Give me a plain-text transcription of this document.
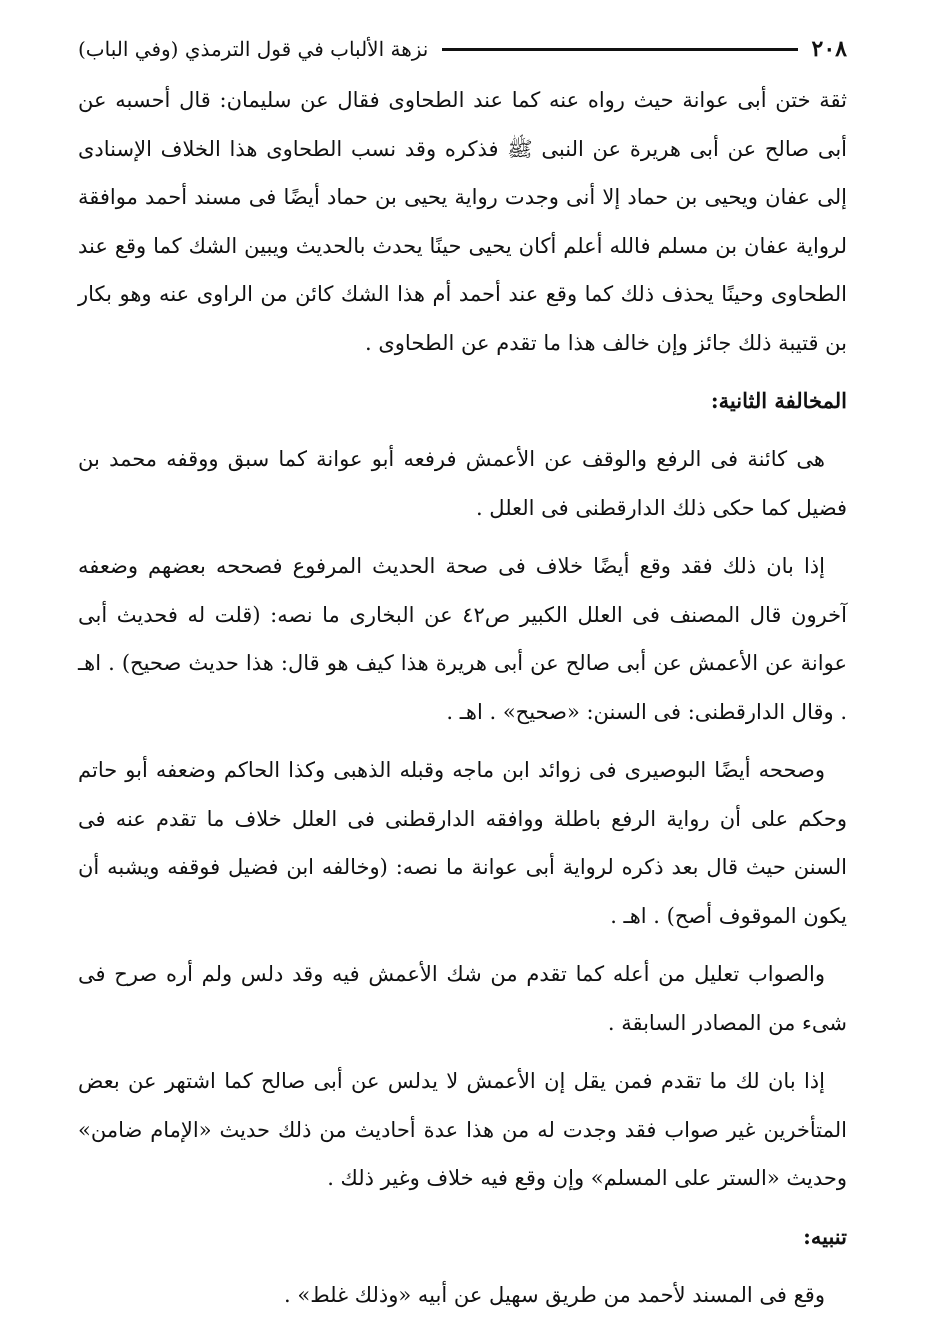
٢٠٨
نزهة الألباب في قول الترمذي (وفي الباب)

ثقة ختن أبى عوانة حيث رواه عنه كما عند الطحاوى فقال عن سليمان: قال أحسبه عن أبى صالح عن أبى هريرة عن النبى ﷺ فذكره وقد نسب الطحاوى هذا الخلاف الإسنادى إلى عفان ويحيى بن حماد إلا أنى وجدت رواية يحيى بن حماد أيضًا فى مسند أحمد موافقة لرواية عفان بن مسلم فالله أعلم أكان يحيى حينًا يحدث بالحديث ويبين الشك كما وقع عند الطحاوى وحينًا يحذف ذلك كما وقع عند أحمد أم هذا الشك كائن من الراوى عنه وهو بكار بن قتيبة ذلك جائز وإن خالف هذا ما تقدم عن الطحاوى .

المخالفة الثانية:

هى كائنة فى الرفع والوقف عن الأعمش فرفعه أبو عوانة كما سبق ووقفه محمد بن فضيل كما حكى ذلك الدارقطنى فى العلل .

إذا بان ذلك فقد وقع أيضًا خلاف فى صحة الحديث المرفوع فصححه بعضهم وضعفه آخرون قال المصنف فى العلل الكبير ص٤٢ عن البخارى ما نصه: (قلت له فحديث أبى عوانة عن الأعمش عن أبى صالح عن أبى هريرة هذا كيف هو قال: هذا حديث صحيح) . اهـ . وقال الدارقطنى: فى السنن: «صحيح» . اهـ .

وصححه أيضًا البوصيرى فى زوائد ابن ماجه وقبله الذهبى وكذا الحاكم وضعفه أبو حاتم وحكم على أن رواية الرفع باطلة ووافقه الدارقطنى فى العلل خلاف ما تقدم عنه فى السنن حيث قال بعد ذكره لرواية أبى عوانة ما نصه: (وخالفه ابن فضيل فوقفه ويشبه أن يكون الموقوف أصح) . اهـ .

والصواب تعليل من أعله كما تقدم من شك الأعمش فيه وقد دلس ولم أره صرح فى شىء من المصادر السابقة .

إذا بان لك ما تقدم فمن يقل إن الأعمش لا يدلس عن أبى صالح كما اشتهر عن بعض المتأخرين غير صواب فقد وجدت له من هذا عدة أحاديث من ذلك حديث «الإمام ضامن» وحديث «الستر على المسلم» وإن وقع فيه خلاف وغير ذلك .

تنبيه:

وقع فى المسند لأحمد من طريق سهيل عن أبيه «وذلك غلط» .
